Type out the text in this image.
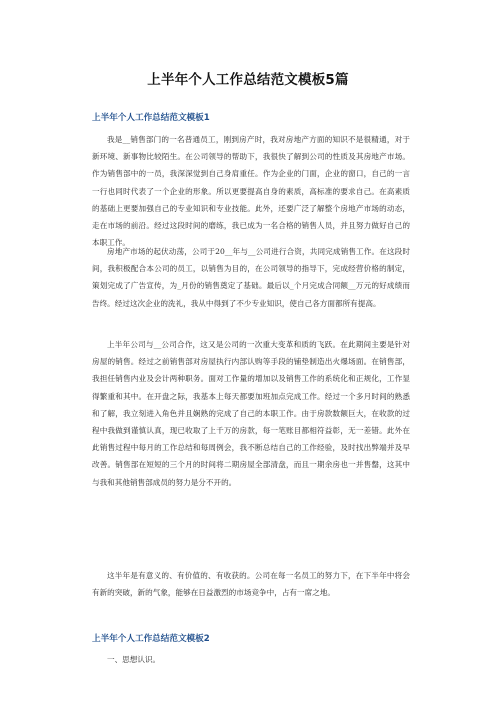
上半年个人工作总结范文模板5篇
上半年个人工作总结范文模板1

我是__销售部门的一名普通员工，刚到房产时，我对房地产方面的知识不是很精通，对于新环境、新事物比较陌生。在公司领导的帮助下，我很快了解到公司的性质及其房地产市场。作为销售部中的一员，我深深觉到自己身肩重任。作为企业的门面，企业的窗口，自己的一言一行也同时代表了一个企业的形象。所以更要提高自身的素质，高标准的要求自己。在高素质的基础上更要加强自己的专业知识和专业技能。此外，还要广泛了解整个房地产市场的动态，走在市场的前沿。经过这段时间的磨练，我已成为一名合格的销售人员，并且努力做好自己的本职工作。

房地产市场的起伏动荡，公司于20__年与__公司进行合资，共同完成销售工作。在这段时间，我积极配合本公司的员工，以销售为目的，在公司领导的指导下，完成经营价格的制定，策划完成了广告宣传，为_月份的销售奠定了基础。最后以_个月完成合同额__万元的好成绩而告终。经过这次企业的洗礼，我从中得到了不少专业知识，使自己各方面都所有提高。

上半年公司与__公司合作，这又是公司的一次重大变革和质的飞跃。在此期间主要是针对房屋的销售。经过之前销售部对房屋执行内部认购等手段的铺垫制造出火爆场面。在销售部，我担任销售内业及会计两种职务。面对工作量的增加以及销售工作的系统化和正规化，工作显得繁重和其中。在开盘之际，我基本上每天都要加班加点完成工作。经过一个多月时间的熟悉和了解，我立刻进入角色并且娴熟的完成了自己的本职工作。由于房款数额巨大，在收款的过程中我做到谨慎认真，现已收取了上千万的房款，每一笔账目都相符益彰，无一差错。此外在此销售过程中每月的工作总结和每周例会，我不断总结自己的工作经验，及时找出弊端并及早改善。销售部在短短的三个月的时间将二期房屋全部清盘，而且一期余房也一并售罄，这其中与我和其他销售部成员的努力是分不开的。

这半年是有意义的、有价值的、有收获的。公司在每一名员工的努力下，在下半年中将会有新的突破，新的气象，能够在日益激烈的市场竞争中，占有一席之地。

上半年个人工作总结范文模板2

一、思想认识。
